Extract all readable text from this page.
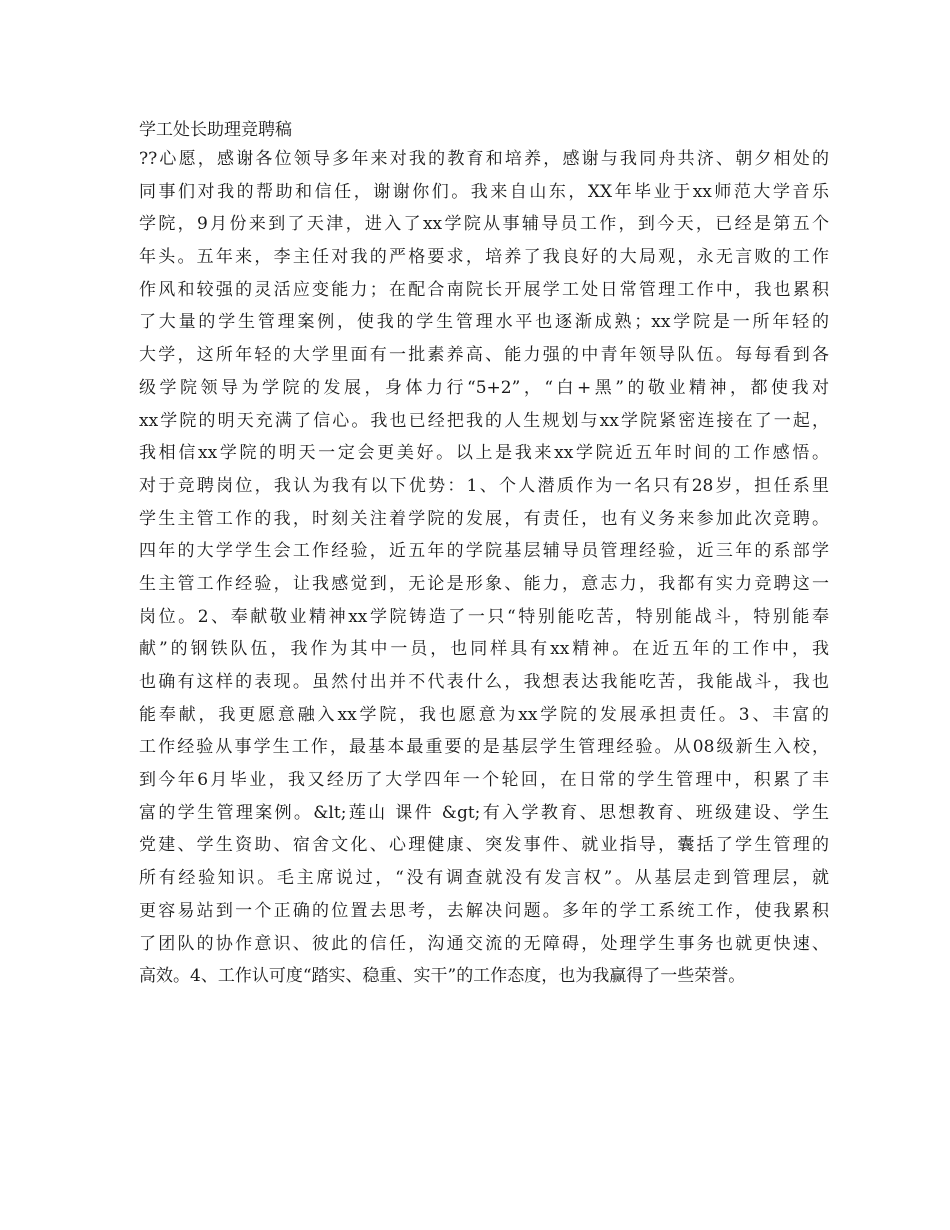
学工处长助理竞聘稿
??心愿，感谢各位领导多年来对我的教育和培养，感谢与我同舟共济、朝夕相处的
同事们对我的帮助和信任，谢谢你们。我来自山东，XX年毕业于xx师范大学音乐
学院，9月份来到了天津，进入了xx学院从事辅导员工作，到今天，已经是第五个
年头。五年来，李主任对我的严格要求，培养了我良好的大局观，永无言败的工作
作风和较强的灵活应变能力；在配合南院长开展学工处日常管理工作中，我也累积
了大量的学生管理案例，使我的学生管理水平也逐渐成熟；xx学院是一所年轻的
大学，这所年轻的大学里面有一批素养高、能力强的中青年领导队伍。每每看到各
级学院领导为学院的发展，身体力行“5+2”，“白+黑”的敬业精神，都使我对
xx学院的明天充满了信心。我也已经把我的人生规划与xx学院紧密连接在了一起，
我相信xx学院的明天一定会更美好。以上是我来xx学院近五年时间的工作感悟。
对于竞聘岗位，我认为我有以下优势：1、个人潜质作为一名只有28岁，担任系里
学生主管工作的我，时刻关注着学院的发展，有责任，也有义务来参加此次竞聘。
四年的大学学生会工作经验，近五年的学院基层辅导员管理经验，近三年的系部学
生主管工作经验，让我感觉到，无论是形象、能力，意志力，我都有实力竞聘这一
岗位。2、奉献敬业精神xx学院铸造了一只“特别能吃苦，特别能战斗，特别能奉
献”的钢铁队伍，我作为其中一员，也同样具有xx精神。在近五年的工作中，我
也确有这样的表现。虽然付出并不代表什么，我想表达我能吃苦，我能战斗，我也
能奉献，我更愿意融入xx学院，我也愿意为xx学院的发展承担责任。3、丰富的
工作经验从事学生工作，最基本最重要的是基层学生管理经验。从08级新生入校，
到今年6月毕业，我又经历了大学四年一个轮回，在日常的学生管理中，积累了丰
富的学生管理案例。&lt;莲山 课件 &gt;有入学教育、思想教育、班级建设、学生
党建、学生资助、宿舍文化、心理健康、突发事件、就业指导，囊括了学生管理的
所有经验知识。毛主席说过，“没有调查就没有发言权”。从基层走到管理层，就
更容易站到一个正确的位置去思考，去解决问题。多年的学工系统工作，使我累积
了团队的协作意识、彼此的信任，沟通交流的无障碍，处理学生事务也就更快速、
高效。4、工作认可度“踏实、稳重、实干”的工作态度，也为我赢得了一些荣誉。
